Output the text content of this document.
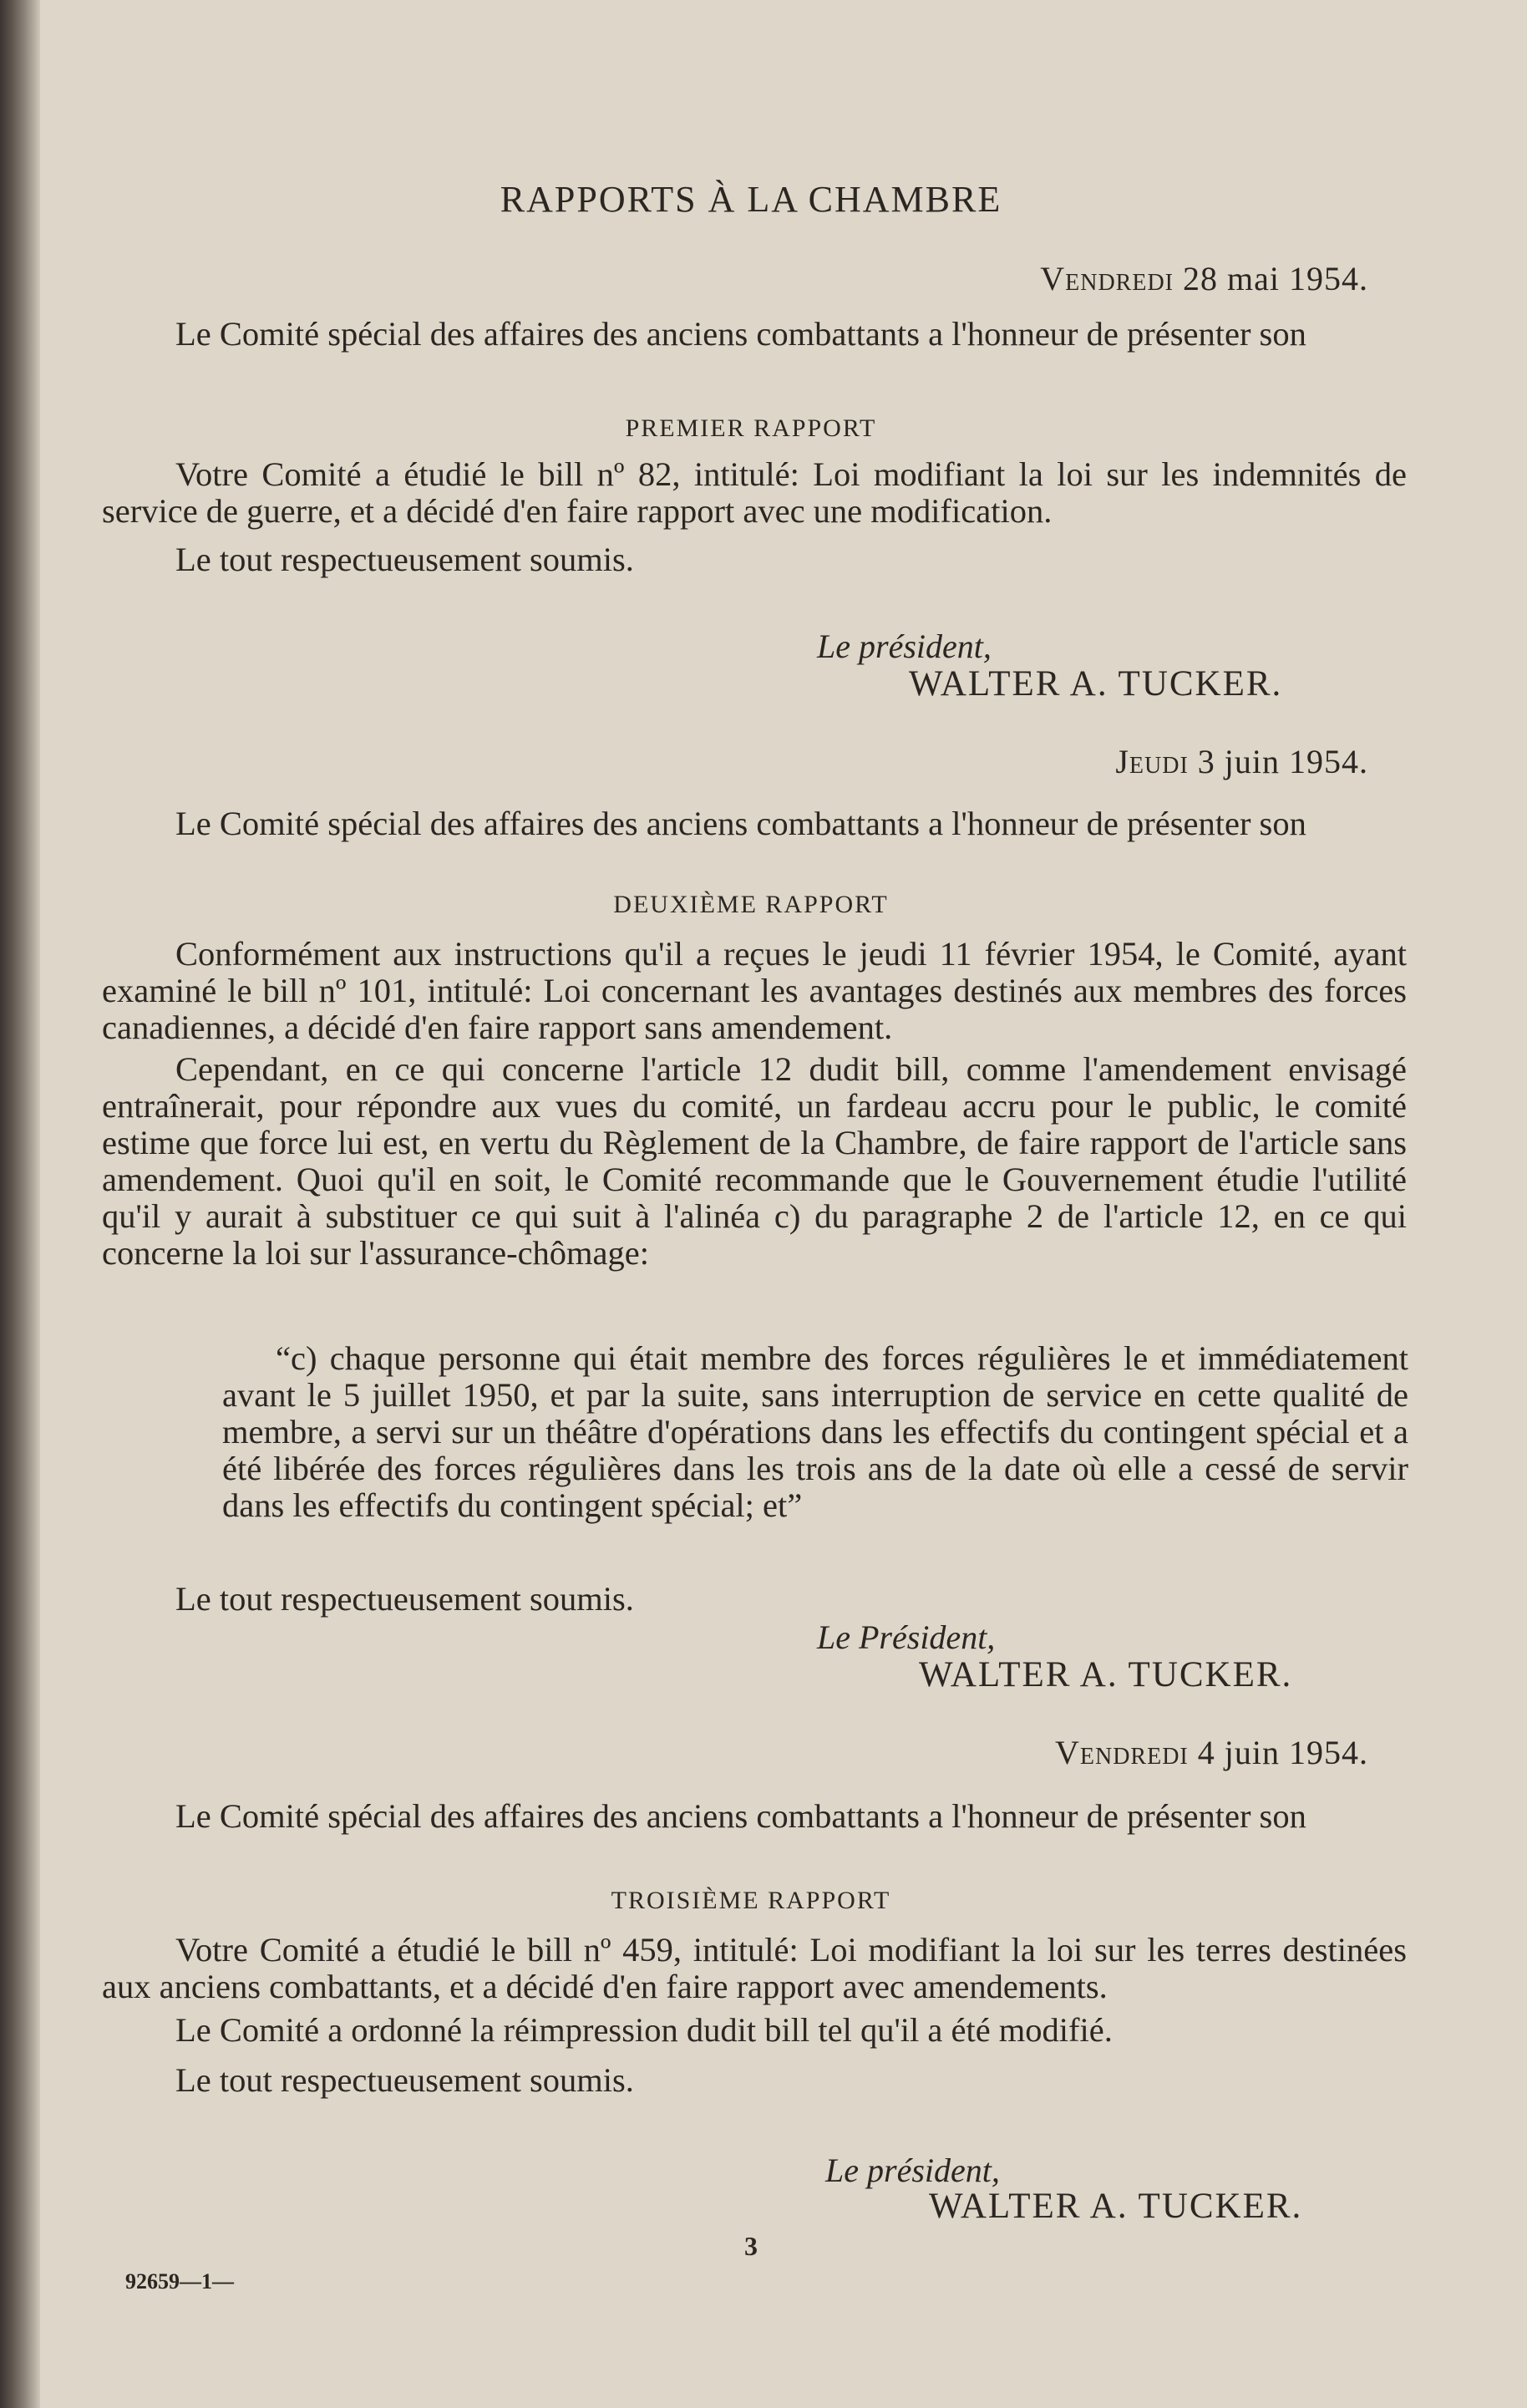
RAPPORTS À LA CHAMBRE
Vendredi 28 mai 1954.

Le Comité spécial des affaires des anciens combattants a l'honneur de présenter son

PREMIER RAPPORT

Votre Comité a étudié le bill nº 82, intitulé: Loi modifiant la loi sur les indemnités de service de guerre, et a décidé d'en faire rapport avec une modification.

Le tout respectueusement soumis.

Le président,
WALTER A. TUCKER.
Jeudi 3 juin 1954.

Le Comité spécial des affaires des anciens combattants a l'honneur de présenter son

DEUXIÈME RAPPORT

Conformément aux instructions qu'il a reçues le jeudi 11 février 1954, le Comité, ayant examiné le bill nº 101, intitulé: Loi concernant les avantages destinés aux membres des forces canadiennes, a décidé d'en faire rapport sans amendement.

Cependant, en ce qui concerne l'article 12 dudit bill, comme l'amendement envisagé entraînerait, pour répondre aux vues du comité, un fardeau accru pour le public, le comité estime que force lui est, en vertu du Règlement de la Chambre, de faire rapport de l'article sans amendement. Quoi qu'il en soit, le Comité recommande que le Gouvernement étudie l'utilité qu'il y aurait à substituer ce qui suit à l'alinéa c) du paragraphe 2 de l'article 12, en ce qui concerne la loi sur l'assurance-chômage:

“c) chaque personne qui était membre des forces régulières le et immédiatement avant le 5 juillet 1950, et par la suite, sans interruption de service en cette qualité de membre, a servi sur un théâtre d'opérations dans les effectifs du contingent spécial et a été libérée des forces régulières dans les trois ans de la date où elle a cessé de servir dans les effectifs du contingent spécial; et”

Le tout respectueusement soumis.

Le Président,
WALTER A. TUCKER.
Vendredi 4 juin 1954.

Le Comité spécial des affaires des anciens combattants a l'honneur de présenter son

TROISIÈME RAPPORT

Votre Comité a étudié le bill nº 459, intitulé: Loi modifiant la loi sur les terres destinées aux anciens combattants, et a décidé d'en faire rapport avec amendements.

Le Comité a ordonné la réimpression dudit bill tel qu'il a été modifié.

Le tout respectueusement soumis.

Le président,
WALTER A. TUCKER.
3
92659—1—
